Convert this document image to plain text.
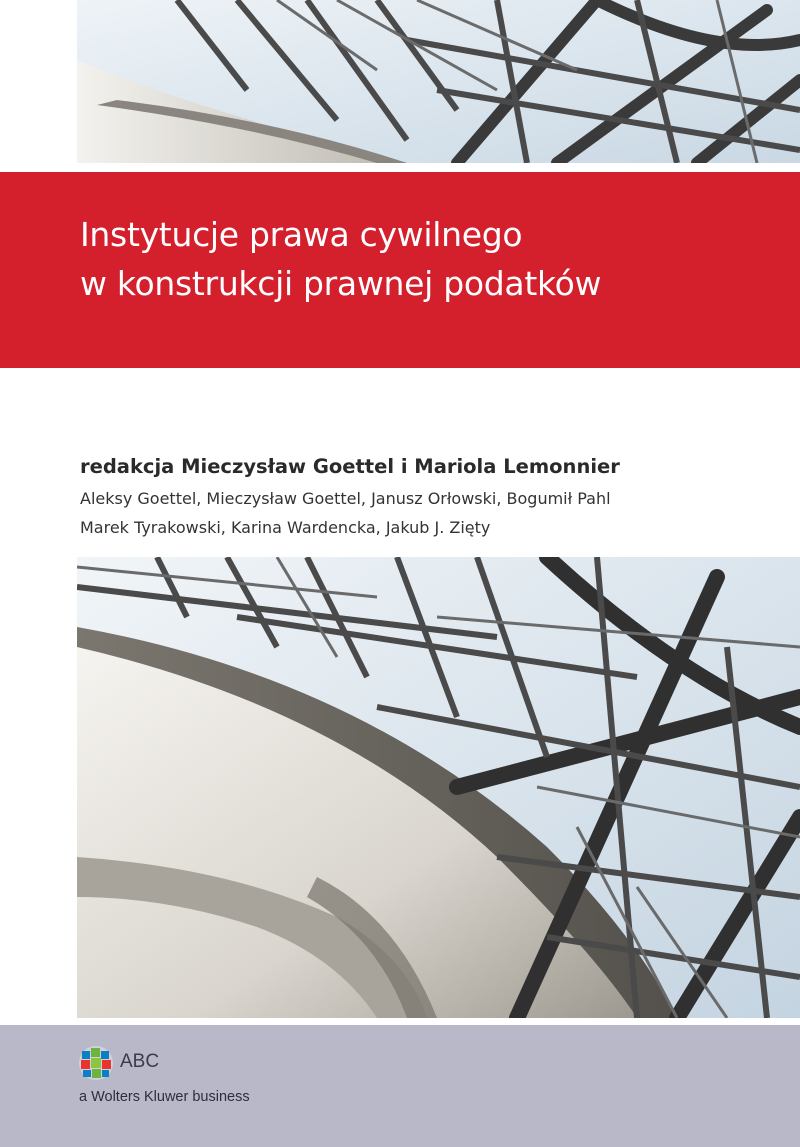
Instytucje prawa cywilnego
w konstrukcji prawnej podatków
redakcja Mieczysław Goettel i Mariola Lemonnier
Aleksy Goettel, Mieczysław Goettel, Janusz Orłowski, Bogumił Pahl
Marek Tyrakowski, Karina Wardencka, Jakub J. Zięty
ABC
a Wolters Kluwer business
